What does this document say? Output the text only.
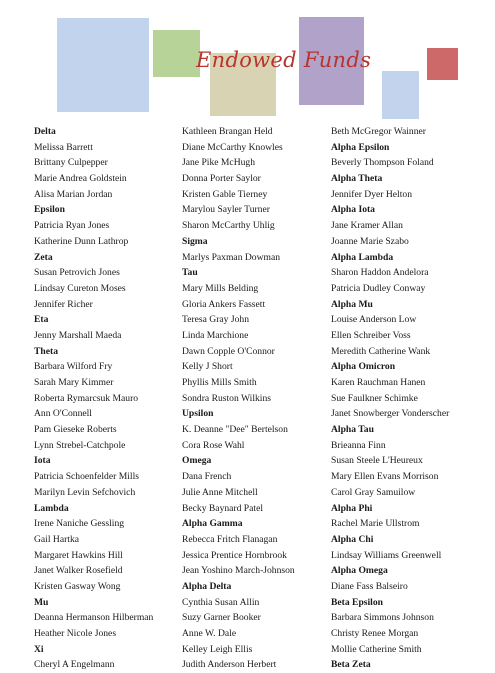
Endowed Funds
Delta
Melissa Barrett
Brittany Culpepper
Marie Andrea Goldstein
Alisa Marian Jordan
Epsilon
Patricia Ryan Jones
Katherine Dunn Lathrop
Zeta
Susan Petrovich Jones
Lindsay Cureton Moses
Jennifer Richer
Eta
Jenny Marshall Maeda
Theta
Barbara Wilford Fry
Sarah Mary Kimmer
Roberta Rymarcsuk Mauro
Ann O'Connell
Pam Gieseke Roberts
Lynn Strebel-Catchpole
Iota
Patricia Schoenfelder Mills
Marilyn Levin Sefchovich
Lambda
Irene Naniche Gessling
Gail Hartka
Margaret Hawkins Hill
Janet Walker Rosefield
Kristen Gasway Wong
Mu
Deanna Hermanson Hilberman
Heather Nicole Jones
Xi
Cheryl A Engelmann
Kathleen Brangan Held
Diane McCarthy Knowles
Jane Pike McHugh
Donna Porter Saylor
Kristen Gable Tierney
Marylou Sayler Turner
Sharon McCarthy Uhlig
Sigma
Marlys Paxman Dowman
Tau
Mary Mills Belding
Gloria Ankers Fassett
Teresa Gray John
Linda Marchione
Dawn Copple O'Connor
Kelly J Short
Phyllis Mills Smith
Sondra Ruston Wilkins
Upsilon
K. Deanne "Dee" Bertelson
Cora Rose Wahl
Omega
Dana French
Julie Anne Mitchell
Becky Baynard Patel
Alpha Gamma
Rebecca Fritch Flanagan
Jessica Prentice Hornbrook
Jean Yoshino March-Johnson
Alpha Delta
Cynthia Susan Allin
Suzy Garner Booker
Anne W. Dale
Kelley Leigh Ellis
Judith Anderson Herbert
Beth McGregor Wainner
Alpha Epsilon
Beverly Thompson Foland
Alpha Theta
Jennifer Dyer Helton
Alpha Iota
Jane Kramer Allan
Joanne Marie Szabo
Alpha Lambda
Sharon Haddon Andelora
Patricia Dudley Conway
Alpha Mu
Louise Anderson Low
Ellen Schreiber Voss
Meredith Catherine Wank
Alpha Omicron
Karen Rauchman Hanen
Sue Faulkner Schimke
Janet Snowberger Vonderscher
Alpha Tau
Brieanna Finn
Susan Steele L'Heureux
Mary Ellen Evans Morrison
Carol Gray Samuilow
Alpha Phi
Rachel Marie Ullstrom
Alpha Chi
Lindsay Williams Greenwell
Alpha Omega
Diane Fass Balseiro
Beta Epsilon
Barbara Simmons Johnson
Christy Renee Morgan
Mollie Catherine Smith
Beta Zeta
